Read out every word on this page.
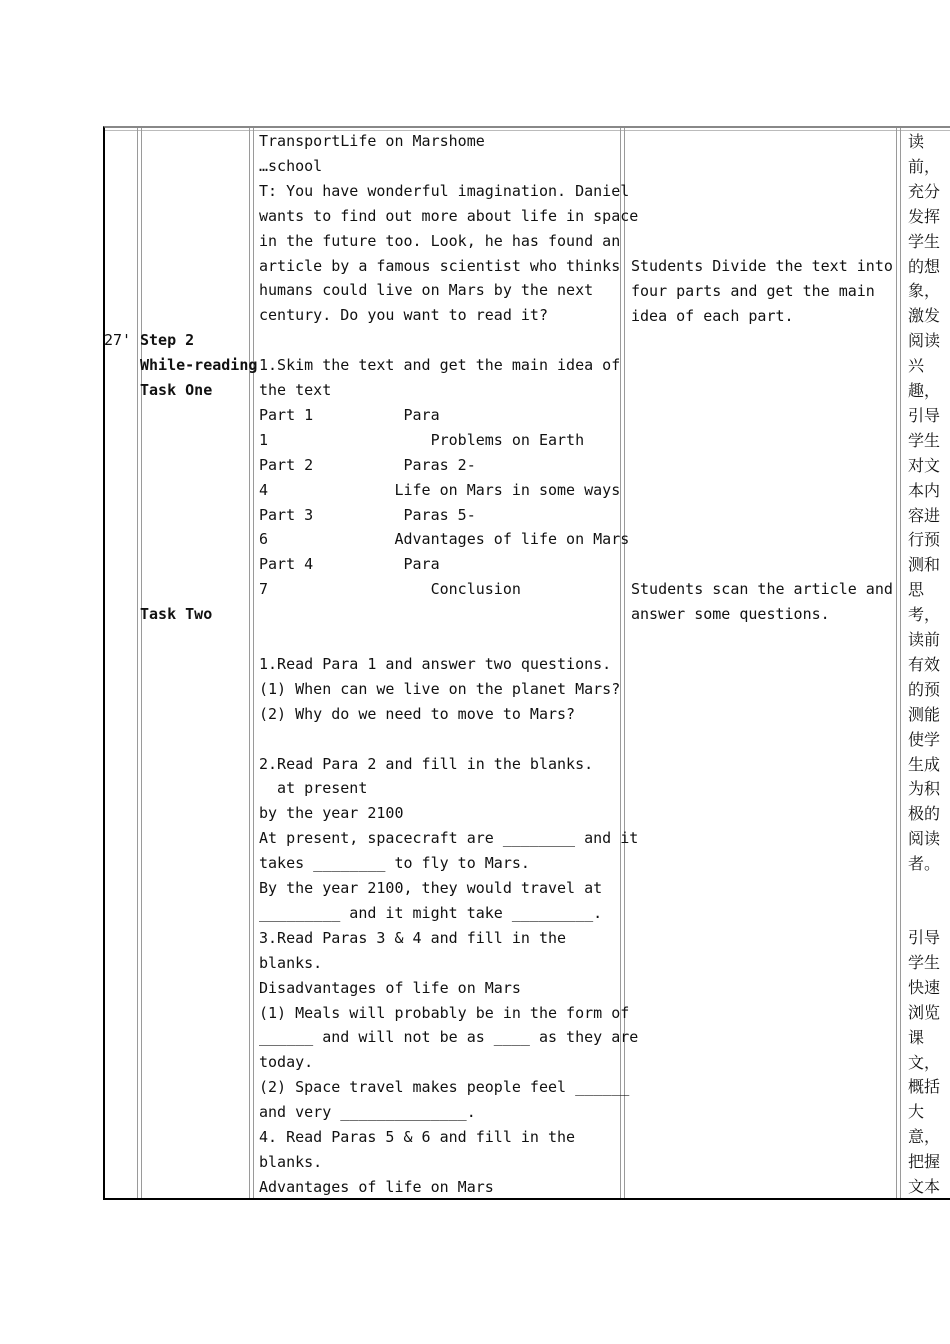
27' Step 2
While-reading
Task One
Task Two
TransportLife on Marshome
…school
T: You have wonderful imagination. Daniel
wants to find out more about life in space
in the future too. Look, he has found an
article by a famous scientist who thinks
humans could live on Mars by the next
century. Do you want to read it?
1.Skim the text and get the main idea of
the text
Part 1          Para
1                  Problems on Earth
Part 2          Paras 2-
4              Life on Mars in some ways
Part 3          Paras 5-
6              Advantages of life on Mars
Part 4          Para
7                  Conclusion
1.Read Para 1 and answer two questions.
(1) When can we live on the planet Mars?
(2) Why do we need to move to Mars?
2.Read Para 2 and fill in the blanks.
at present
by the year 2100
At present, spacecraft are ________ and it
takes ________ to fly to Mars.
By the year 2100, they would travel at
_________ and it might take _________.
3.Read Paras 3 & 4 and fill in the
blanks.
Disadvantages of life on Mars
(1) Meals will probably be in the form of
______ and will not be as ____ as they are
today.
(2) Space travel makes people feel ______
and very ______________.
4. Read Paras 5 & 6 and fill in the
blanks.
Advantages of life on Mars
Students Divide the text into
four parts and get the main
idea of each part.
Students scan the article and
answer some questions.
读
前，
充分
发挥
学生
的想
象，
激发
阅读
兴
趣，
引导
学生
对文
本内
容进
行预
测和
思
考，
读前
有效
的预
测能
使学
生成
为积
极的
阅读
者。
引导
学生
快速
浏览
课
文，
概括
大
意，
把握
文本
